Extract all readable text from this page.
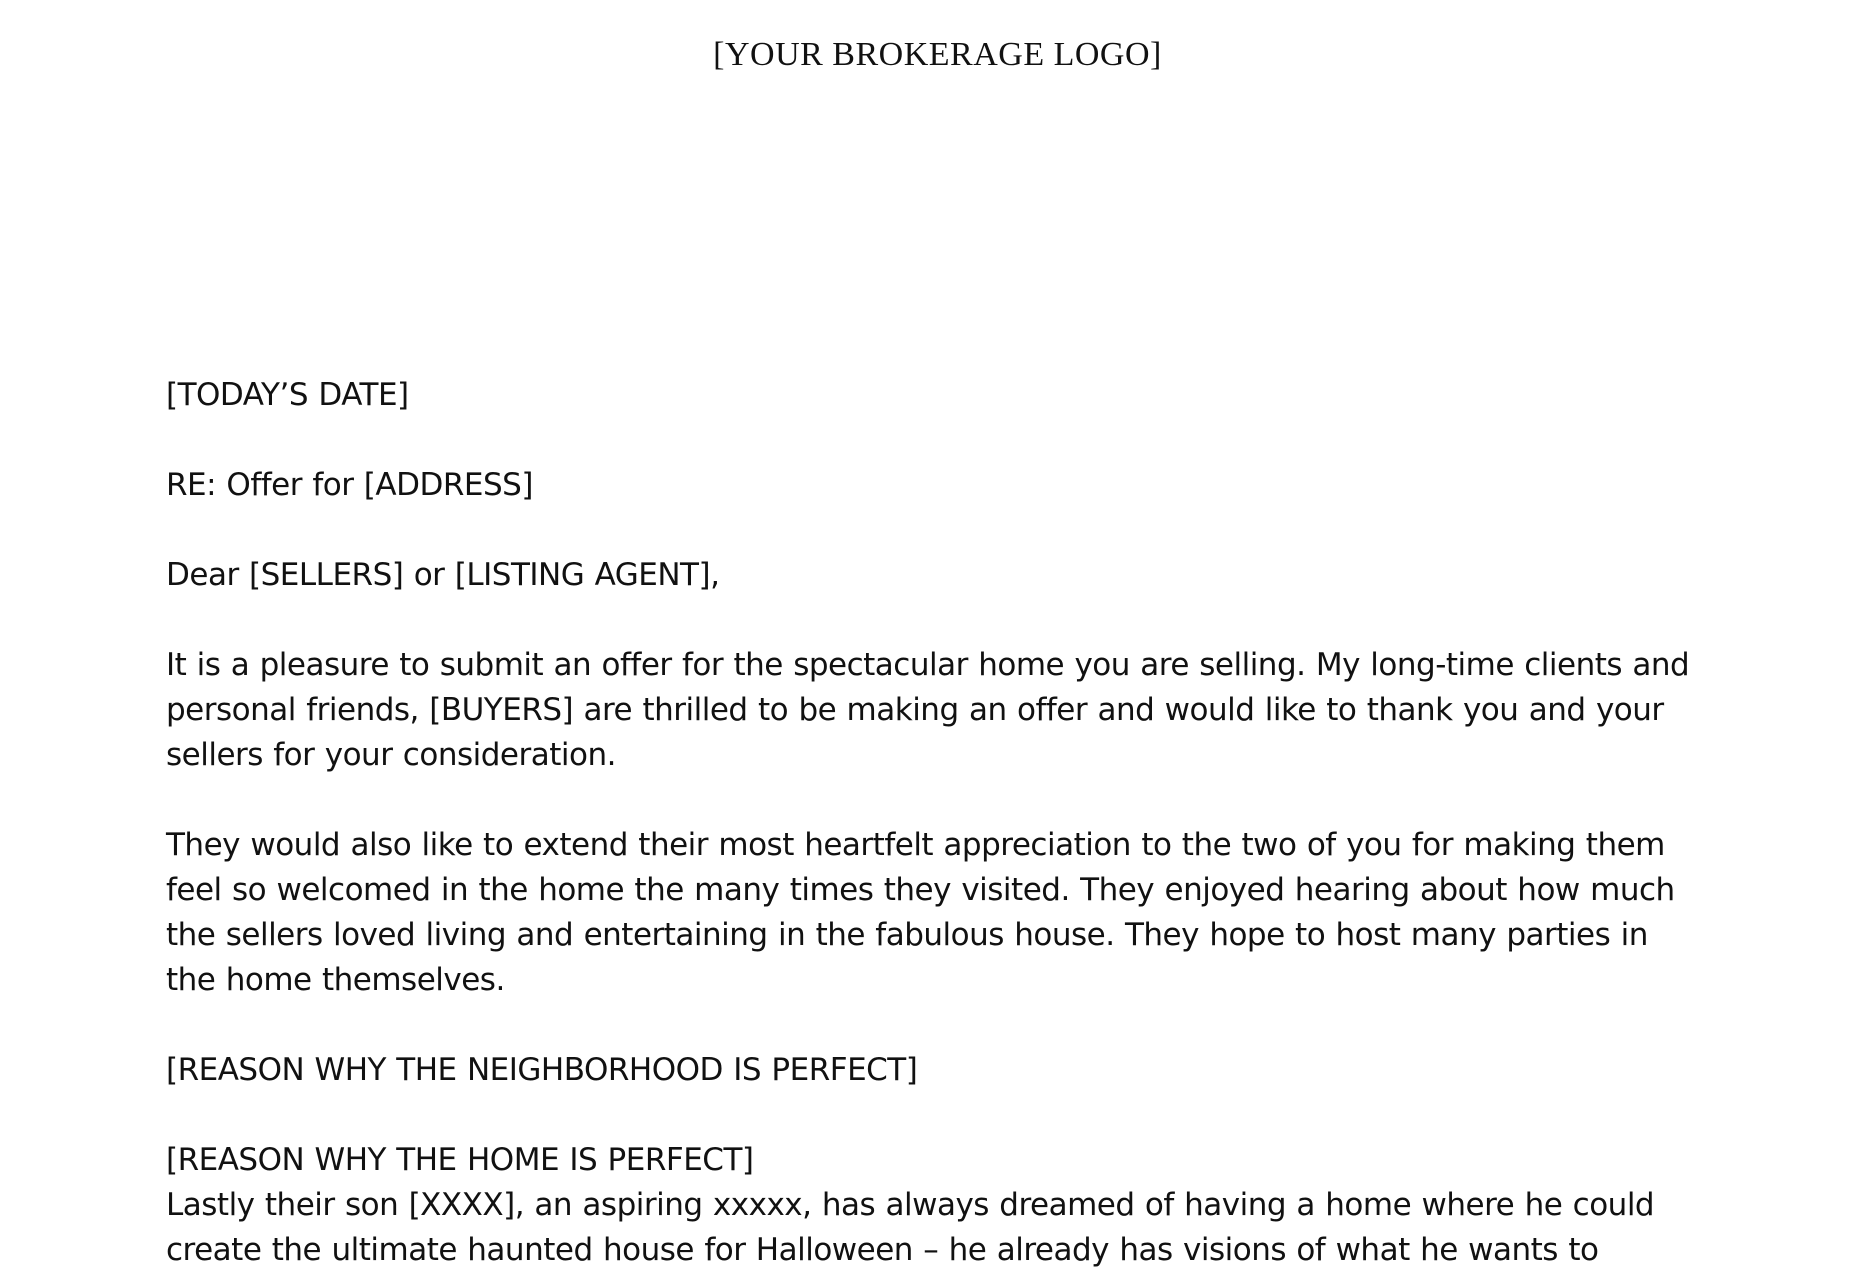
[YOUR BROKERAGE LOGO]
[TODAY’S DATE]
RE: Offer for [ADDRESS]
Dear [SELLERS] or [LISTING AGENT],
It is a pleasure to submit an offer for the spectacular home you are selling. My long-time clients and
personal friends, [BUYERS] are thrilled to be making an offer and would like to thank you and your
sellers for your consideration.
They would also like to extend their most heartfelt appreciation to the two of you for making them
feel so welcomed in the home the many times they visited. They enjoyed hearing about how much
the sellers loved living and entertaining in the fabulous house. They hope to host many parties in
the home themselves.
[REASON WHY THE NEIGHBORHOOD IS PERFECT]
[REASON WHY THE HOME IS PERFECT]
Lastly their son [XXXX], an aspiring xxxxx, has always dreamed of having a home where he could
create the ultimate haunted house for Halloween – he already has visions of what he wants to
